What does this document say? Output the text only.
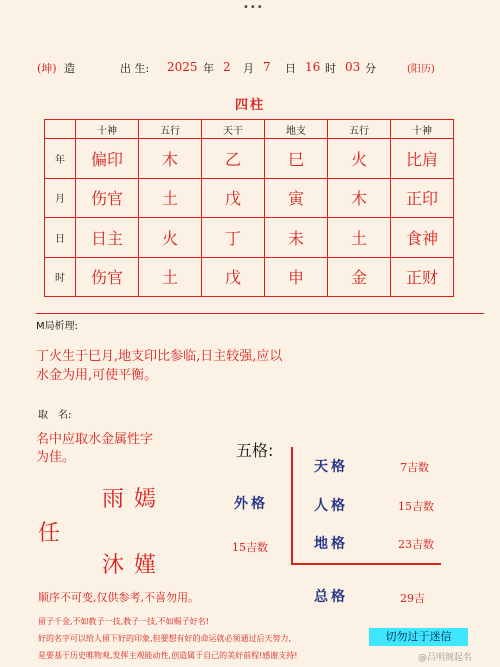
•••
(坤) 造	出 生: 2025 年 2 月 7 日 16 时 03 分	(阳历)
四柱
	十神	五行	天干	地支	五行	十神
年	偏印	木	乙	巳	火	比肩
月	伤官	土	戊	寅	木	正印
日	日主	火	丁	未	土	食神
时	伤官	土	戊	申	金	正财
M局析理:
丁火生于巳月,地支印比参临,日主较强,应以
水金为用,可使平衡。
取　名:
名中应取水金属性字
为佳。
雨嫣
任
沐嫤
顺序不可变,仅供参考,不喜勿用。
五格:
外格
15吉数
天格	7吉数
人格	15吉数
地格	23吉数
总格	29吉
留子千金,不如教子一技,教子一技,不如赐子好名!
好的名字可以给人留下好的印象,但要想有好的命运就必须通过后天努力,
是要基于历史唯物观,发挥主观能动性,创造属于自己的美好前程!感谢支持!
切勿过于迷信
@吕明阁起名
